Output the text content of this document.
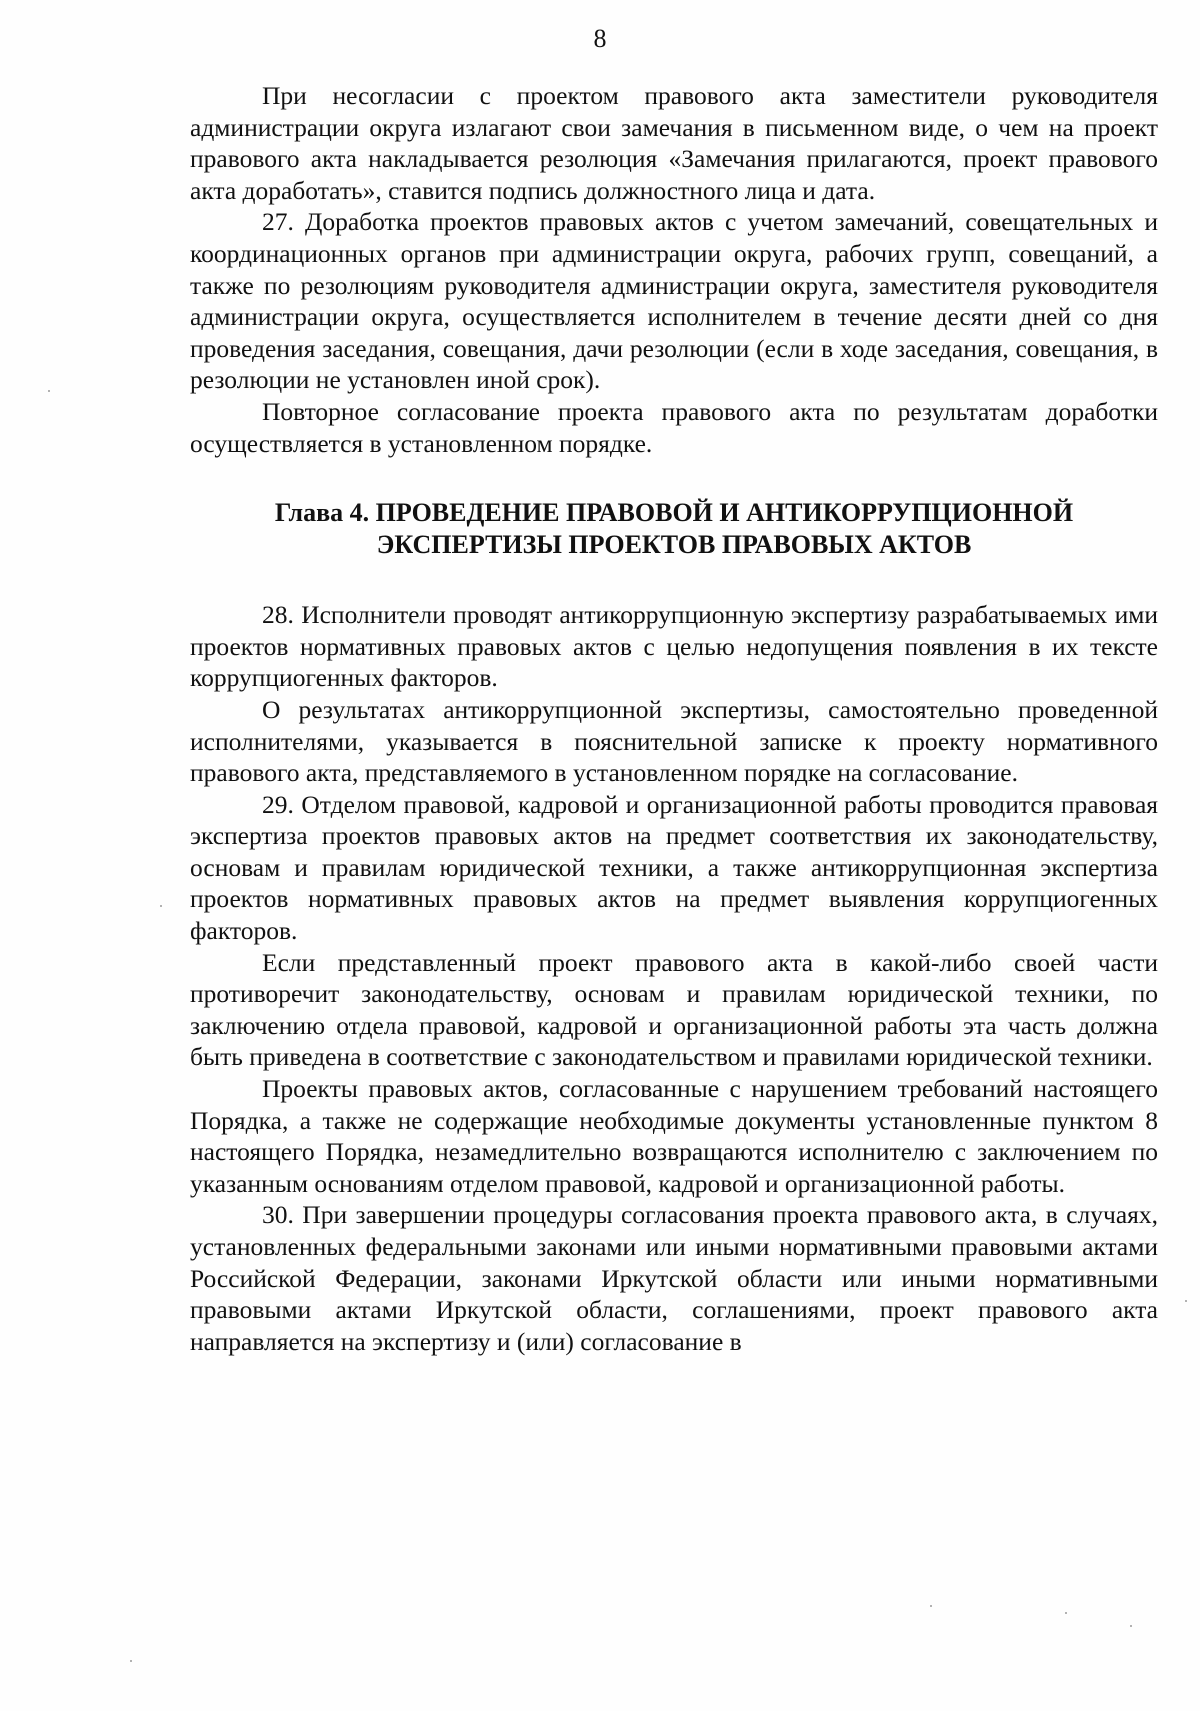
8

При несогласии с проектом правового акта заместители руководителя администрации округа излагают свои замечания в письменном виде, о чем на проект правового акта накладывается резолюция «Замечания прилагаются, проект правового акта доработать», ставится подпись должностного лица и дата.

27. Доработка проектов правовых актов с учетом замечаний, совещательных и координационных органов при администрации округа, рабочих групп, совещаний, а также по резолюциям руководителя администрации округа, заместителя руководителя администрации округа, осуществляется исполнителем в течение десяти дней со дня проведения заседания, совещания, дачи резолюции (если в ходе заседания, совещания, в резолюции не установлен иной срок).

Повторное согласование проекта правового акта по результатам доработки осуществляется в установленном порядке.

Глава 4. ПРОВЕДЕНИЕ ПРАВОВОЙ И АНТИКОРРУПЦИОННОЙ
ЭКСПЕРТИЗЫ ПРОЕКТОВ ПРАВОВЫХ АКТОВ

28. Исполнители проводят антикоррупционную экспертизу разрабатываемых ими проектов нормативных правовых актов с целью недопущения появления в их тексте коррупциогенных факторов.

О результатах антикоррупционной экспертизы, самостоятельно проведенной исполнителями, указывается в пояснительной записке к проекту нормативного правового акта, представляемого в установленном порядке на согласование.

29. Отделом правовой, кадровой и организационной работы проводится правовая экспертиза проектов правовых актов на предмет соответствия их законодательству, основам и правилам юридической техники, а также антикоррупционная экспертиза проектов нормативных правовых актов на предмет выявления коррупциогенных факторов.

Если представленный проект правового акта в какой-либо своей части противоречит законодательству, основам и правилам юридической техники, по заключению отдела правовой, кадровой и организационной работы эта часть должна быть приведена в соответствие с законодательством и правилами юридической техники.

Проекты правовых актов, согласованные с нарушением требований настоящего Порядка, а также не содержащие необходимые документы установленные пунктом 8 настоящего Порядка, незамедлительно возвращаются исполнителю с заключением по указанным основаниям отделом правовой, кадровой и организационной работы.

30. При завершении процедуры согласования проекта правового акта, в случаях, установленных федеральными законами или иными нормативными правовыми актами Российской Федерации, законами Иркутской области или иными нормативными правовыми актами Иркутской области, соглашениями, проект правового акта направляется на экспертизу и (или) согласование в
